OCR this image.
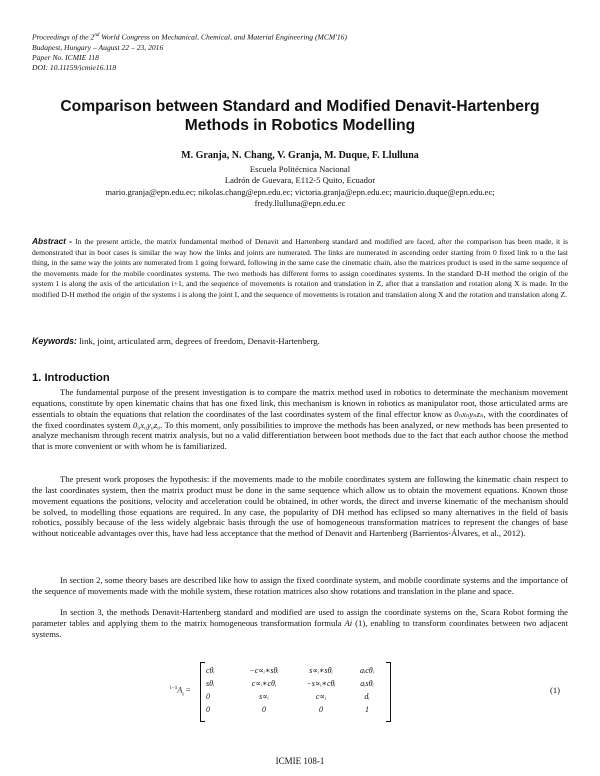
Proceedings of the 2nd World Congress on Mechanical, Chemical, and Material Engineering (MCM'16)
Budapest, Hungary – August 22 – 23, 2016
Paper No. ICMIE 118
DOI: 10.11159/icmie16.118
Comparison between Standard and Modified Denavit-Hartenberg
Methods in Robotics Modelling
M. Granja, N. Chang, V. Granja, M. Duque, F. Llulluna
Escuela Politécnica Nacional
Ladrón de Guevara, E112-5 Quito, Ecuador
mario.granja@epn.edu.ec; nikolas.chang@epn.edu.ec; victoria.granja@epn.edu.ec; mauricio.duque@epn.edu.ec;
fredy.llulluna@epn.edu.ec
Abstract - In the present article, the matrix fundamental method of Denavit and Hartenberg standard and modified are faced, after the comparison has been made, it is demonstrated that in boot cases is similar the way how the links and joints are numerated. The links are numerated in ascending order starting from 0 fixed link to n the last thing, in the same way the joints are numerated from 1 going forward, following in the same case the cinematic chain, also the matrices product is used in the same sequence of the movements made for the mobile coordinates systems. The two methods has different forms to assign coordinates systems. In the standard D-H method the origin of the system 1 is along the axis of the articulation i+1, and the sequence of movements is rotation and translation in Z, after that a translation and rotation along X is made. In the modified D-H method the origin of the systems i is along the joint I, and the sequence of movements is rotation and translation along X and the rotation and translation along Z.
Keywords: link, joint, articulated arm, degrees of freedom, Denavit-Hartenberg.
1. Introduction

The fundamental purpose of the present investigation is to compare the matrix method used in robotics to determinate the mechanism movement equations, constitute by open kinematic chains that has one fixed link, this mechanism is known in robotics as manipulator root, those articulated arms are essentials to obtain the equations that relation the coordinates of the last coordinates system of the final effector know as 0ₙxₙyₙzₙ, with the coordinates of the fixed coordinates system 0₀x₀y₀z₀. To this moment, only possibilities to improve the methods has been analyzed, or new methods has been presented to analyze mechanism through recent matrix analysis, but no a valid differentiation between boot methods due to the fact that each author choose the method that is more convenient or with whom he is familiarized.

The present work proposes the hypothesis: if the movements made to the mobile coordinates system are following the kinematic chain respect to the last coordinates system, then the matrix product must be done in the same sequence which allow us to obtain the movement equations. Known those movement equations the positions, velocity and acceleration could be obtained, in other words, the direct and inverse kinematic of the mechanism should be solved, to modelling those equations are required. In any case, the popularity of DH method has eclipsed so many alternatives in the field of basis robotics, possibly because of the less widely algebraic basis through the use of homogeneous transformation matrices to represent the changes of base without noticeable advantages over this, have had less acceptance that the method of Denavit and Hartenberg (Barrientos-Álvares, et al., 2012).

In section 2, some theory bases are described like how to assign the fixed coordinate system, and mobile coordinate systems and the importance of the sequence of movements made with the mobile system, these rotation matrices also show rotations and translation in the plane and space.

In section 3, the methods Denavit-Hartenberg standard and modified are used to assign the coordinate systems on the, Scara Robot forming the parameter tables and applying them to the matrix homogeneous transformation formula Ai (1), enabling to transform coordinates between two adjacent systems.

$^{i-1}A_i$ =
cθᵢ	−c∝ᵢ∗sθᵢ	s∝ᵢ∗sθᵢ	aᵢcθᵢ
sθᵢ	c∝ᵢ∗cθᵢ	−s∝ᵢ∗cθᵢ	aᵢsθᵢ
0	s∝ᵢ	c∝ᵢ	dᵢ
0	0	0	1
(1)
ICMIE 108-1
